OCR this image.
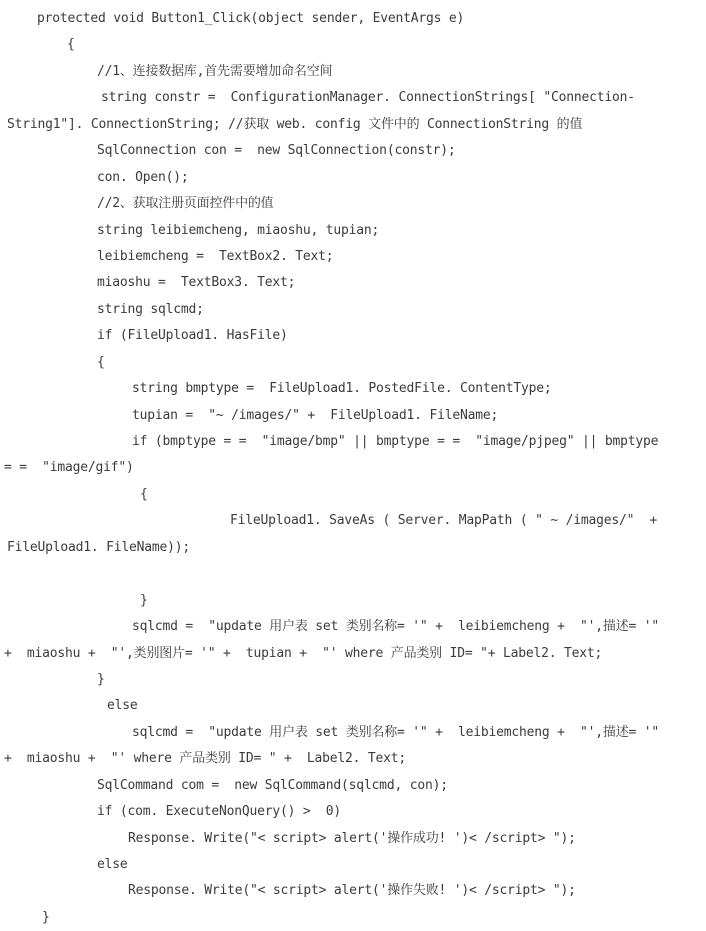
protected void Button1_Click(object sender, EventArgs e)
{
//1、连接数据库,首先需要增加命名空间
string constr =  ConfigurationManager. ConnectionStrings[ "Connection-
String1"]. ConnectionString; //获取 web. config 文件中的 ConnectionString 的值
SqlConnection con =  new SqlConnection(constr);
con. Open();
//2、获取注册页面控件中的值
string leibiemcheng, miaoshu, tupian;
leibiemcheng =  TextBox2. Text;
miaoshu =  TextBox3. Text;
string sqlcmd;
if (FileUpload1. HasFile)
{
string bmptype =  FileUpload1. PostedFile. ContentType;
tupian =  "~ /images/" +  FileUpload1. FileName;
if (bmptype = =  "image/bmp" || bmptype = =  "image/pjpeg" || bmptype
= =  "image/gif")
{
FileUpload1. SaveAs ( Server. MapPath ( " ~ /images/"  +
FileUpload1. FileName));

}
sqlcmd =  "update 用户表 set 类别名称= '" +  leibiemcheng +  "',描述= '"
+  miaoshu +  "',类别图片= '" +  tupian +  "' where 产品类别 ID= "+ Label2. Text;
}
else
sqlcmd =  "update 用户表 set 类别名称= '" +  leibiemcheng +  "',描述= '"
+  miaoshu +  "' where 产品类别 ID= " +  Label2. Text;
SqlCommand com =  new SqlCommand(sqlcmd, con);
if (com. ExecuteNonQuery() >  0)
Response. Write("< script> alert('操作成功! ')< /script> ");
else
Response. Write("< script> alert('操作失败! ')< /script> ");
}
